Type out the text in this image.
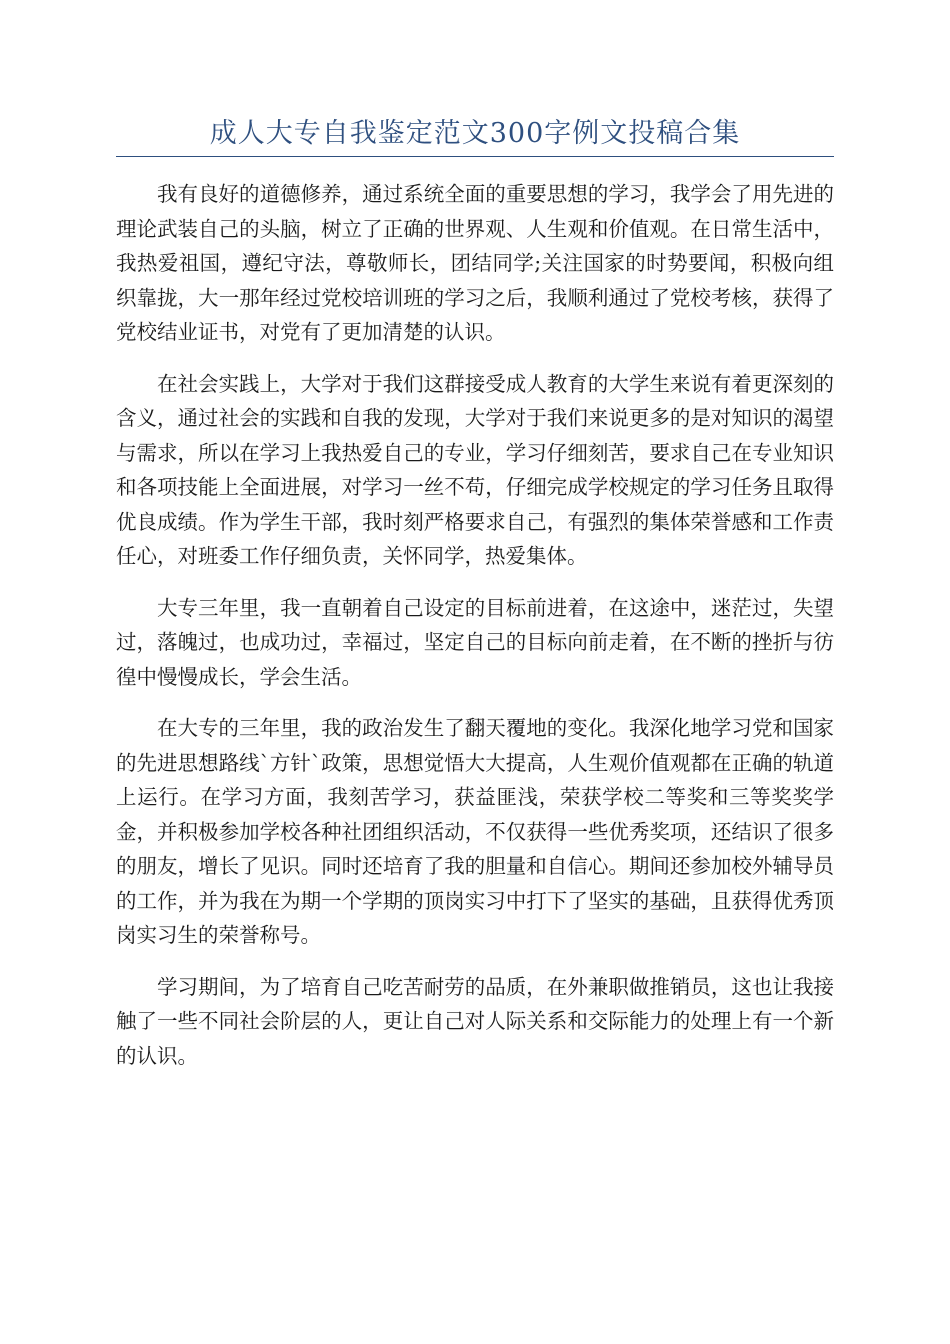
成人大专自我鉴定范文300字例文投稿合集

我有良好的道德修养，通过系统全面的重要思想的学习，我学会了用先进的理论武装自己的头脑，树立了正确的世界观、人生观和价值观。在日常生活中，我热爱祖国，遵纪守法，尊敬师长，团结同学;关注国家的时势要闻，积极向组织靠拢，大一那年经过党校培训班的学习之后，我顺利通过了党校考核，获得了党校结业证书，对党有了更加清楚的认识。

在社会实践上，大学对于我们这群接受成人教育的大学生来说有着更深刻的含义，通过社会的实践和自我的发现，大学对于我们来说更多的是对知识的渴望与需求，所以在学习上我热爱自己的专业，学习仔细刻苦，要求自己在专业知识和各项技能上全面进展，对学习一丝不苟，仔细完成学校规定的学习任务且取得优良成绩。作为学生干部，我时刻严格要求自己，有强烈的集体荣誉感和工作责任心，对班委工作仔细负责，关怀同学，热爱集体。

大专三年里，我一直朝着自己设定的目标前进着，在这途中，迷茫过，失望过，落魄过，也成功过，幸福过，坚定自己的目标向前走着，在不断的挫折与彷徨中慢慢成长，学会生活。

在大专的三年里，我的政治发生了翻天覆地的变化。我深化地学习党和国家的先进思想路线`方针`政策，思想觉悟大大提高，人生观价值观都在正确的轨道上运行。在学习方面，我刻苦学习，获益匪浅，荣获学校二等奖和三等奖奖学金，并积极参加学校各种社团组织活动，不仅获得一些优秀奖项，还结识了很多的朋友，增长了见识。同时还培育了我的胆量和自信心。期间还参加校外辅导员的工作，并为我在为期一个学期的顶岗实习中打下了坚实的基础，且获得优秀顶岗实习生的荣誉称号。

学习期间，为了培育自己吃苦耐劳的品质，在外兼职做推销员，这也让我接触了一些不同社会阶层的人，更让自己对人际关系和交际能力的处理上有一个新的认识。
